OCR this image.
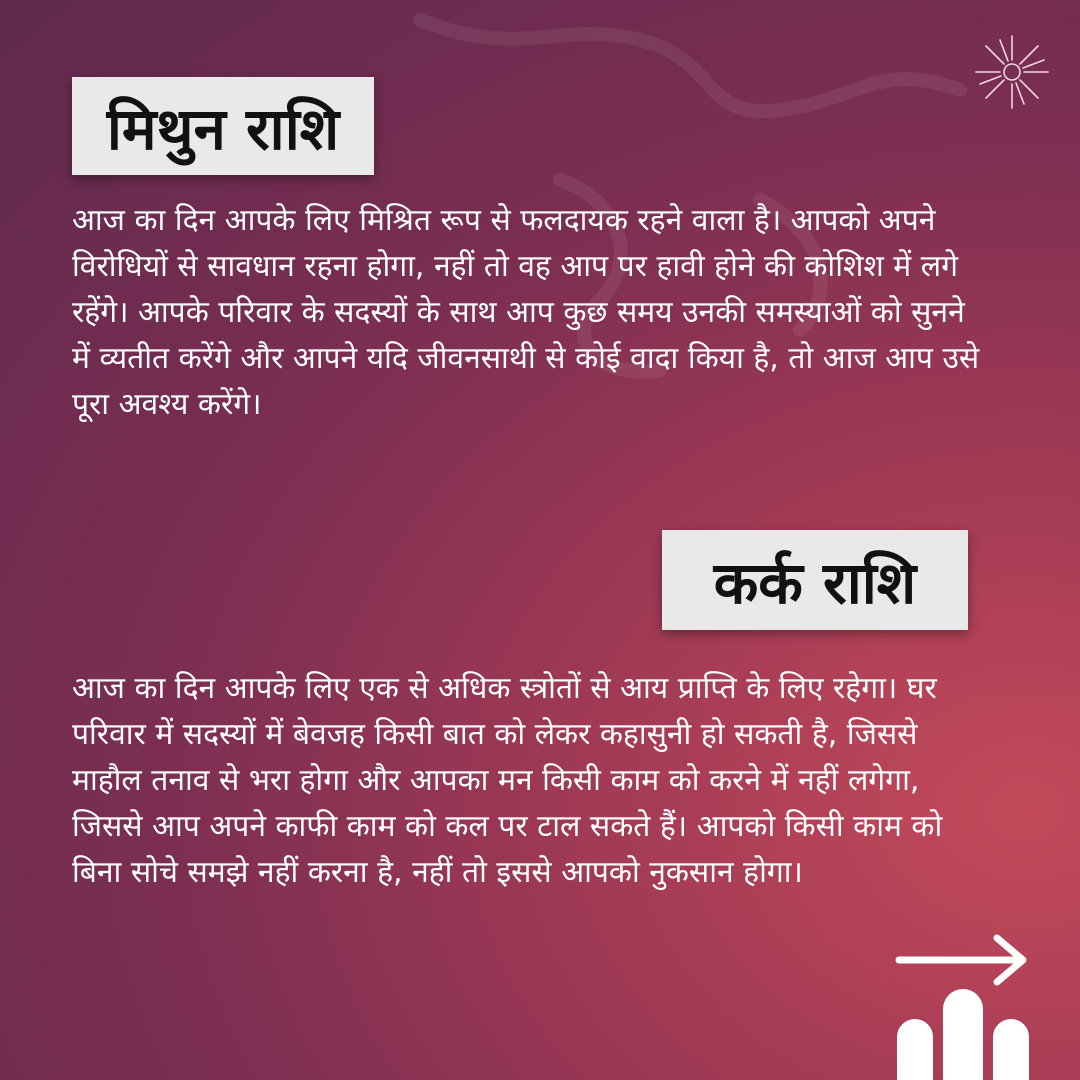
मिथुन राशि

आज का दिन आपके लिए मिश्रित रूप से फलदायक रहने वाला है। आपको अपने विरोधियों से सावधान रहना होगा, नहीं तो वह आप पर हावी होने की कोशिश में लगे रहेंगे। आपके परिवार के सदस्यों के साथ आप कुछ समय उनकी समस्याओं को सुनने में व्यतीत करेंगे और आपने यदि जीवनसाथी से कोई वादा किया है, तो आज आप उसे पूरा अवश्य करेंगे।

कर्क राशि

आज का दिन आपके लिए एक से अधिक स्त्रोतों से आय प्राप्ति के लिए रहेगा। घर परिवार में सदस्यों में बेवजह किसी बात को लेकर कहासुनी हो सकती है, जिससे माहौल तनाव से भरा होगा और आपका मन किसी काम को करने में नहीं लगेगा, जिससे आप अपने काफी काम को कल पर टाल सकते हैं। आपको किसी काम को बिना सोचे समझे नहीं करना है, नहीं तो इससे आपको नुकसान होगा।
